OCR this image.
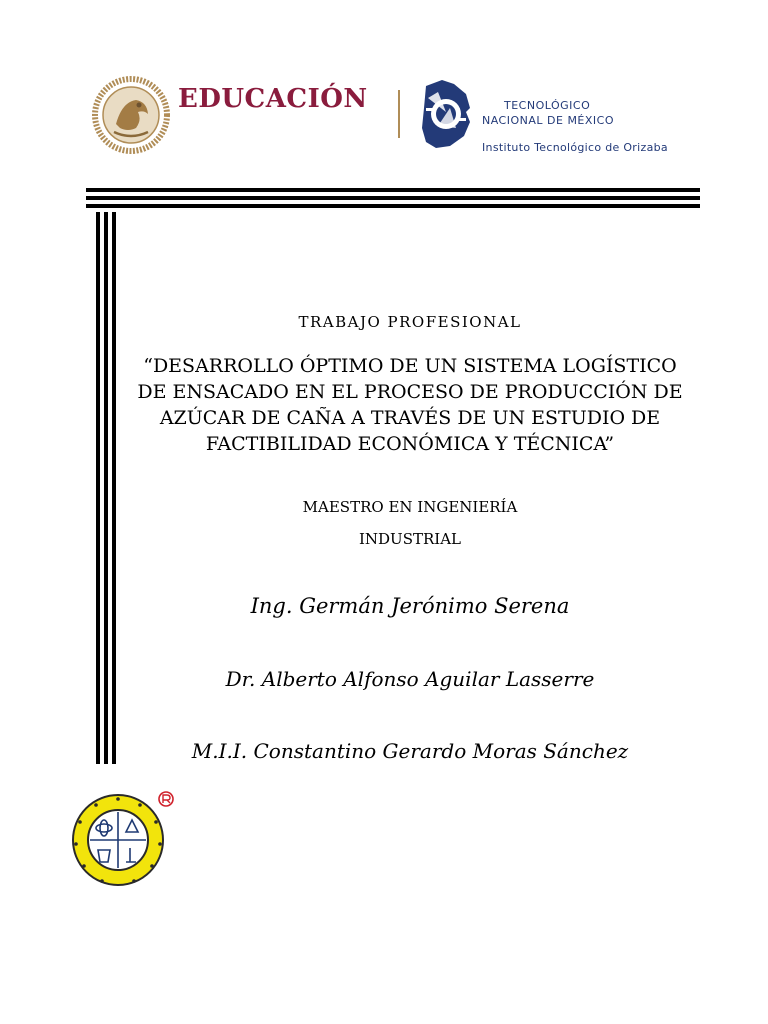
EDUCACIÓN	TECNOLÓGICO
NACIONAL DE MÉXICO
Instituto Tecnológico de Orizaba
TRABAJO PROFESIONAL
“DESARROLLO ÓPTIMO DE UN SISTEMA LOGÍSTICO
DE ENSACADO EN EL PROCESO DE PRODUCCIÓN DE
AZÚCAR DE CAÑA A TRAVÉS DE UN ESTUDIO DE
FACTIBILIDAD ECONÓMICA Y TÉCNICA”
MAESTRO EN INGENIERÍA
INDUSTRIAL
Ing. Germán Jerónimo Serena
Dr. Alberto Alfonso Aguilar Lasserre
M.I.I. Constantino Gerardo Moras Sánchez
